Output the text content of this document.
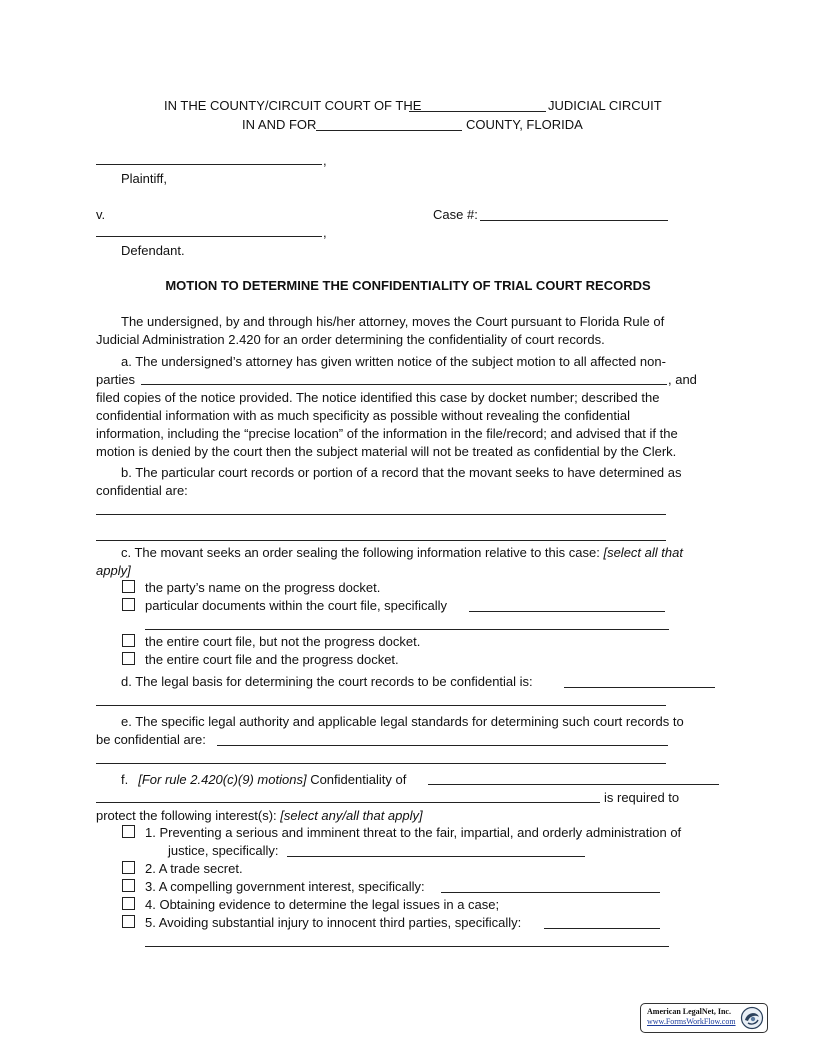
IN THE COUNTY/CIRCUIT COURT OF THE	JUDICIAL CIRCUIT
IN AND FOR	COUNTY, FLORIDA
,
Plaintiff,
v.	Case #:
,
Defendant.
MOTION TO DETERMINE THE CONFIDENTIALITY OF TRIAL COURT RECORDS
The undersigned, by and through his/her attorney, moves the Court pursuant to Florida Rule of
Judicial Administration 2.420 for an order determining the confidentiality of court records.
a. The undersigned’s attorney has given written notice of the subject motion to all affected non-
parties	, and
filed copies of the notice provided. The notice identified this case by docket number; described the
confidential information with as much specificity as possible without revealing the confidential
information, including the “precise location” of the information in the file/record; and advised that if the
motion is denied by the court then the subject material will not be treated as confidential by the Clerk.
b. The particular court records or portion of a record that the movant seeks to have determined as
confidential are:
c. The movant seeks an order sealing the following information relative to this case: [select all that
apply]
the party’s name on the progress docket.
particular documents within the court file, specifically
the entire court file, but not the progress docket.
the entire court file and the progress docket.
d. The legal basis for determining the court records to be confidential is:
e. The specific legal authority and applicable legal standards for determining such court records to
be confidential are:
f. [For rule 2.420(c)(9) motions] Confidentiality of
is required to
protect the following interest(s): [select any/all that apply]
1. Preventing a serious and imminent threat to the fair, impartial, and orderly administration of
justice, specifically:
2. A trade secret.
3. A compelling government interest, specifically:
4. Obtaining evidence to determine the legal issues in a case;
5. Avoiding substantial injury to innocent third parties, specifically:
American LegalNet, Inc.
www.FormsWorkFlow.com
